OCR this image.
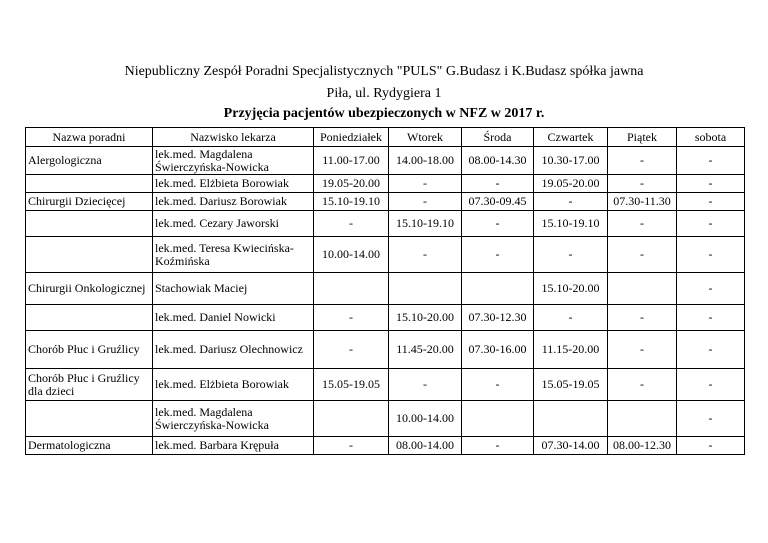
Niepubliczny Zespół Poradni Specjalistycznych "PULS" G.Budasz i K.Budasz spółka jawna
Piła, ul. Rydygiera 1
Przyjęcia pacjentów ubezpieczonych w NFZ w 2017 r.
Nazwa poradni	Nazwisko lekarza	Poniedziałek	Wtorek	Środa	Czwartek	Piątek	sobota
Alergologiczna	lek.med. Magdalena Świerczyńska-Nowicka	11.00-17.00	14.00-18.00	08.00-14.30	10.30-17.00	-	-
	lek.med. Elżbieta Borowiak	19.05-20.00	-	-	19.05-20.00	-	-
Chirurgii Dziecięcej	lek.med. Dariusz Borowiak	15.10-19.10	-	07.30-09.45	-	07.30-11.30	-
	lek.med. Cezary Jaworski	-	15.10-19.10	-	15.10-19.10	-	-
	lek.med. Teresa Kwiecińska-Koźmińska	10.00-14.00	-	-	-	-	-
Chirurgii Onkologicznej	Stachowiak Maciej				15.10-20.00		-
	lek.med. Daniel Nowicki	-	15.10-20.00	07.30-12.30	-	-	-
Chorób Płuc i Gruźlicy	lek.med. Dariusz Olechnowicz	-	11.45-20.00	07.30-16.00	11.15-20.00	-	-
Chorób Płuc i Gruźlicy dla dzieci	lek.med. Elżbieta Borowiak	15.05-19.05	-	-	15.05-19.05	-	-
	lek.med. Magdalena Świerczyńska-Nowicka		10.00-14.00				-
Dermatologiczna	lek.med. Barbara Krępuła	-	08.00-14.00	-	07.30-14.00	08.00-12.30	-
